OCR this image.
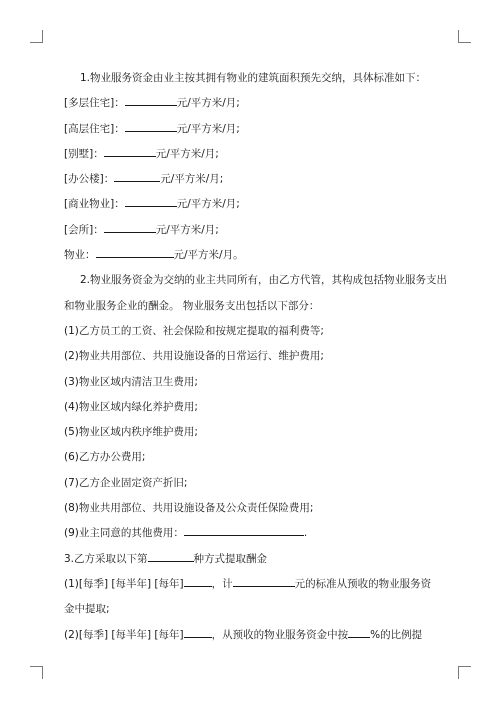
1.物业服务资金由业主按其拥有物业的建筑面积预先交纳，具体标准如下：
[多层住宅]：	元/平方米/月;
[高层住宅]：	元/平方米/月;
[别墅]：	元/平方米/月;
[办公楼]：	元/平方米/月;
[商业物业]：	元/平方米/月;
[会所]：	元/平方米/月;
物业：	元/平方米/月。
2.物业服务资金为交纳的业主共同所有，由乙方代管，其构成包括物业服务支出
和物业服务企业的酬金。 物业服务支出包括以下部分：
(1)乙方员工的工资、社会保险和按规定提取的福利费等;
(2)物业共用部位、共用设施设备的日常运行、维护费用;
(3)物业区域内清洁卫生费用;
(4)物业区域内绿化养护费用;
(5)物业区域内秩序维护费用;
(6)乙方办公费用;
(7)乙方企业固定资产折旧;
(8)物业共用部位、共用设施设备及公众责任保险费用;
(9)业主同意的其他费用：	.
3.乙方采取以下第	种方式提取酬金
(1)[每季] [每半年] [每年]	，计	元的标准从预收的物业服务资
金中提取;
(2)[每季] [每半年] [每年]	，从预收的物业服务资金中按 %的比例提
